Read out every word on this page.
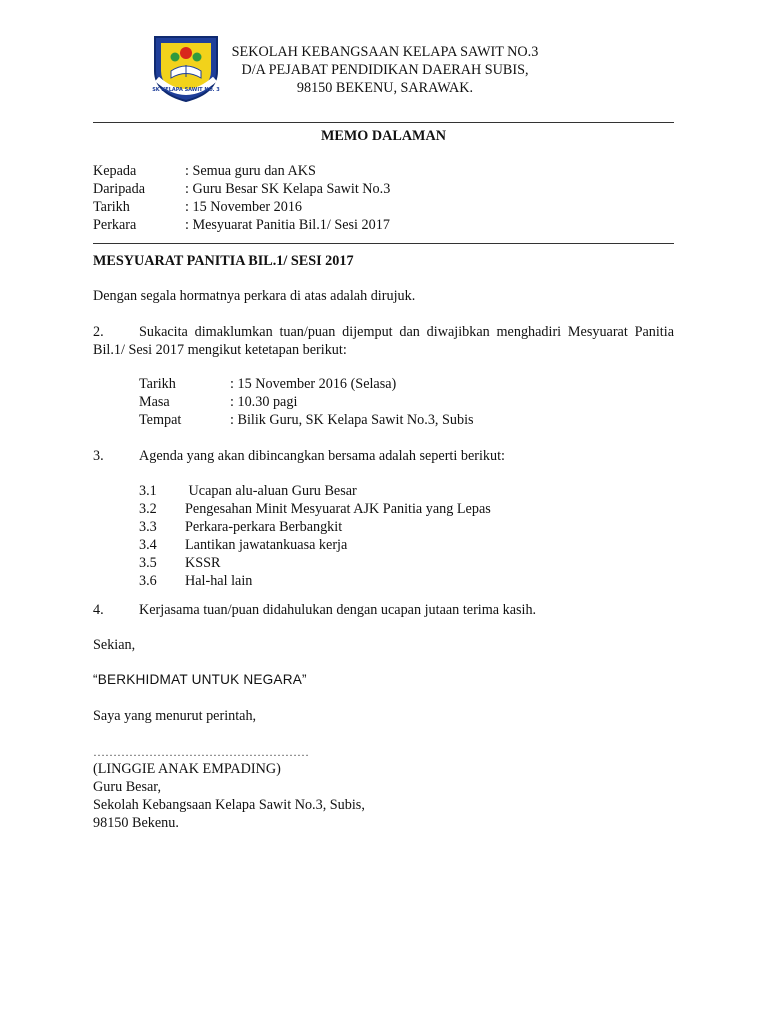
SK KELAPA SAWIT NO. 3
SEKOLAH KEBANGSAAN KELAPA SAWIT NO.3
D/A PEJABAT PENDIDIKAN DAERAH SUBIS,
98150 BEKENU, SARAWAK.
MEMO DALAMAN
Kepada	: Semua guru dan AKS
Daripada	: Guru Besar SK Kelapa Sawit No.3
Tarikh	: 15 November 2016
Perkara	: Mesyuarat Panitia Bil.1/ Sesi 2017
MESYUARAT PANITIA BIL.1/ SESI 2017
Dengan segala hormatnya perkara di atas adalah dirujuk.
2. Sukacita dimaklumkan tuan/puan dijemput dan diwajibkan menghadiri Mesyuarat Panitia
Bil.1/ Sesi 2017 mengikut ketetapan berikut:
Tarikh	: 15 November 2016 (Selasa)
Masa	: 10.30 pagi
Tempat	: Bilik Guru, SK Kelapa Sawit No.3, Subis
3. Agenda yang akan dibincangkan bersama adalah seperti berikut:
3.1 Ucapan alu-aluan Guru Besar
3.2 Pengesahan Minit Mesyuarat AJK Panitia yang Lepas
3.3 Perkara-perkara Berbangkit
3.4 Lantikan jawatankuasa kerja
3.5 KSSR
3.6 Hal-hal lain
4. Kerjasama tuan/puan didahulukan dengan ucapan jutaan terima kasih.
Sekian,
“BERKHIDMAT UNTUK NEGARA”
Saya yang menurut perintah,
………………………………………………
(LINGGIE ANAK EMPADING)
Guru Besar,
Sekolah Kebangsaan Kelapa Sawit No.3, Subis,
98150 Bekenu.
